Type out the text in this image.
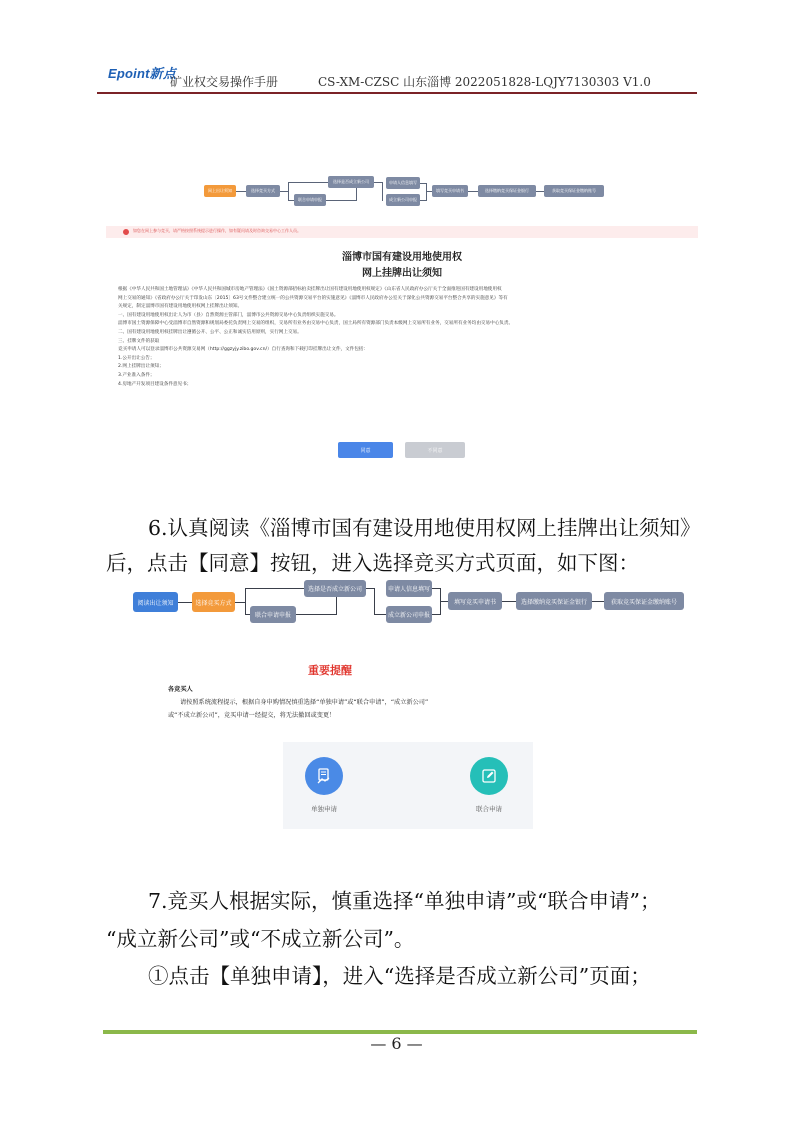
Epoint新点
矿业权交易操作手册	CS-XM-CZSC 山东淄博 2022051828-LQJY7130303 V1.0
网上出让须知	选择竞买方式
选择是否成立新公司
联合申请申报
申请人信息填写
成立新公司申报
填写竞买申请书	选择缴纳竞买保证金银行	获取竞买保证金缴纳账号
如您在网上参与竞买，请严格按照系统提示进行操作，如有疑问请及时咨询交易中心工作人员。
淄博市国有建设用地使用权
网上挂牌出让须知

根据《中华人民共和国土地管理法》《中华人民共和国城市房地产管理法》《国土资源部招标拍卖挂牌出让国有建设用地使用权规定》《山东省人民政府办公厅关于全面推进国有建设用地使用权

网上交易的通知》《省政府办公厅关于印发山东〔2015〕63号文件整合建立统一的公共资源交易平台的实施意见》《淄博市人民政府办公室关于深化公共资源交易平台整合共享的实施意见》等有

关规定，制定淄博市国有建设用地使用权网上挂牌出让须知。

一、国有建设用地使用权出让人为市（县）自然资源主管部门，淄博市公共资源交易中心负责组织实施交易。

淄博市国土资源保障中心受淄博市自然资源和规划局委托负责网上交易的组织，交易所有业务由交易中心负责，国土局所有资源部门负责本级网上交易所有业务，交易所有业务均由交易中心负责。

二、国有建设用地使用权挂牌出让遵循公开、公平、公正和诚实信用原则，实行网上交易。

三、挂牌文件的获取

竞买申请人可以登录淄博市公共资源交易网（http://ggzyjy.zibo.gov.cn/）自行查询和下载打印挂牌出让文件，文件包括：

1.公开出让公告；

2.网上挂牌出让须知；

3.产业准入条件；

4.房地产开发项目建设条件意见书；

同意	不同意
6.认真阅读《淄博市国有建设用地使用权网上挂牌出让须知》
后，点击【同意】按钮，进入选择竞买方式页面，如下图：
阅读出让须知	选择竞买方式
选择是否成立新公司
联合申请申报
申请人信息填写
成立新公司申报
填写竞买申请书	选择缴纳竞买保证金银行	获取竞买保证金缴纳账号
重要提醒
各竞买人
请按照系统流程提示，根据自身申购情况慎重选择“单独申请”或“联合申请”，“成立新公司”
或“不成立新公司”，竞买申请一经提交，将无法撤回或变更！
单独申请	联合申请
7.竞买人根据实际，慎重选择“单独申请”或“联合申请”；
“成立新公司”或“不成立新公司”。
①点击【单独申请】，进入“选择是否成立新公司”页面；
— 6 —
